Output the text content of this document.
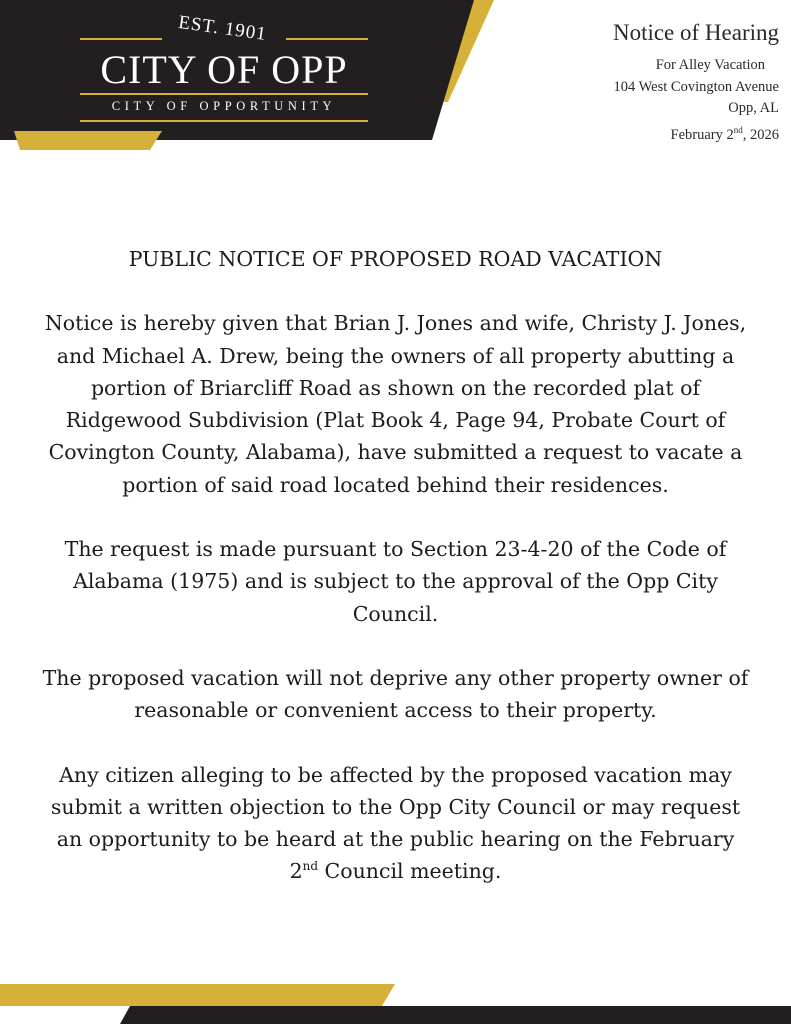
EST. 1901
CITY OF OPP
CITY OF OPPORTUNITY
Notice of Hearing
For Alley Vacation
104 West Covington Avenue
Opp, AL
February 2nd, 2026

PUBLIC NOTICE OF PROPOSED ROAD VACATION

Notice is hereby given that Brian J. Jones and wife, Christy J. Jones, and Michael A. Drew, being the owners of all property abutting a portion of Briarcliff Road as shown on the recorded plat of Ridgewood Subdivision (Plat Book 4, Page 94, Probate Court of Covington County, Alabama), have submitted a request to vacate a portion of said road located behind their residences.

The request is made pursuant to Section 23-4-20 of the Code of Alabama (1975) and is subject to the approval of the Opp City Council.

The proposed vacation will not deprive any other property owner of reasonable or convenient access to their property.

Any citizen alleging to be affected by the proposed vacation may submit a written objection to the Opp City Council or may request an opportunity to be heard at the public hearing on the February 2nd Council meeting.
